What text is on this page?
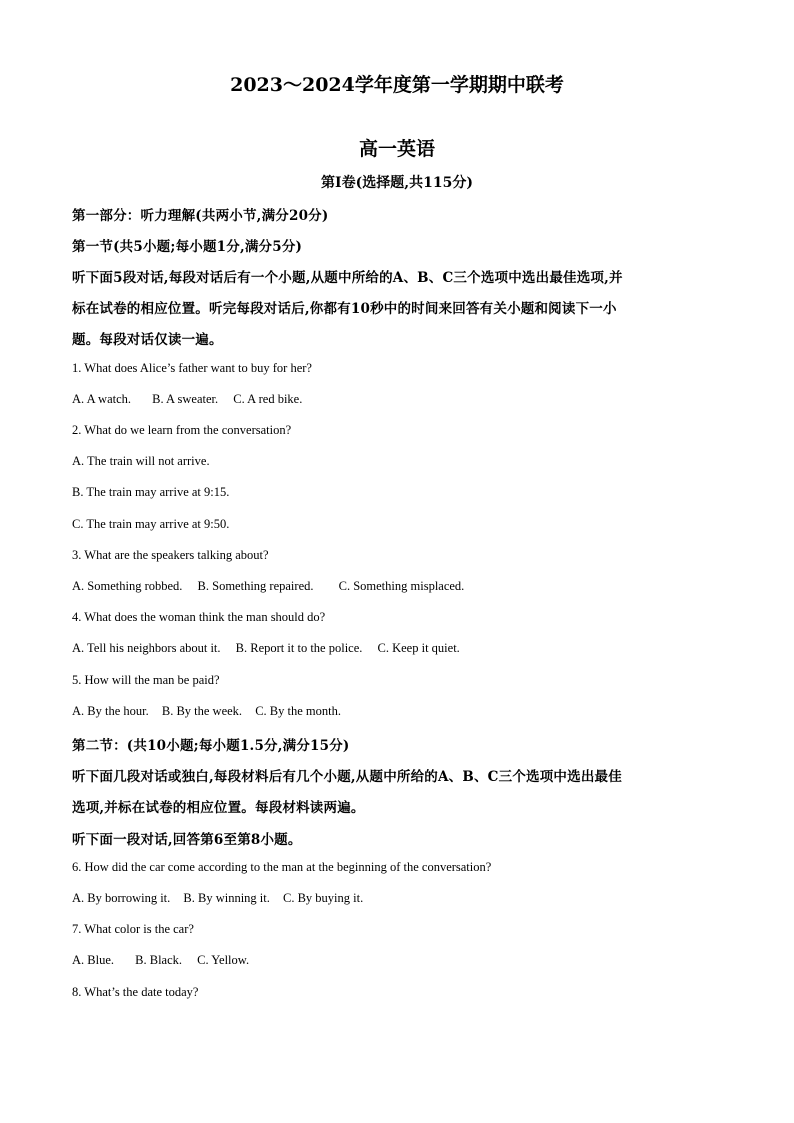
2023～2024学年度第一学期期中联考
高一英语
第I卷(选择题,共115分)
第一部分：听力理解(共两小节,满分20分)
第一节(共5小题;每小题1分,满分5分)
听下面5段对话,每段对话后有一个小题,从题中所给的A、B、C三个选项中选出最佳选项,并
标在试卷的相应位置。听完每段对话后,你都有10秒中的时间来回答有关小题和阅读下一小
题。每段对话仅读一遍。
1. What does Alice’s father want to buy for her?
A. A watch. B. A sweater. C. A red bike.
2. What do we learn from the conversation?
A. The train will not arrive.
B. The train may arrive at 9:15.
C. The train may arrive at 9:50.
3. What are the speakers talking about?
A. Something robbed. B. Something repaired. C. Something misplaced.
4. What does the woman think the man should do?
A. Tell his neighbors about it. B. Report it to the police. C. Keep it quiet.
5. How will the man be paid?
A. By the hour. B. By the week. C. By the month.
第二节：(共10小题;每小题1.5分,满分15分)
听下面几段对话或独白,每段材料后有几个小题,从题中所给的A、B、C三个选项中选出最佳
选项,并标在试卷的相应位置。每段材料读两遍。
听下面一段对话,回答第6至第8小题。
6. How did the car come according to the man at the beginning of the conversation?
A. By borrowing it. B. By winning it. C. By buying it.
7. What color is the car?
A. Blue. B. Black. C. Yellow.
8. What’s the date today?
